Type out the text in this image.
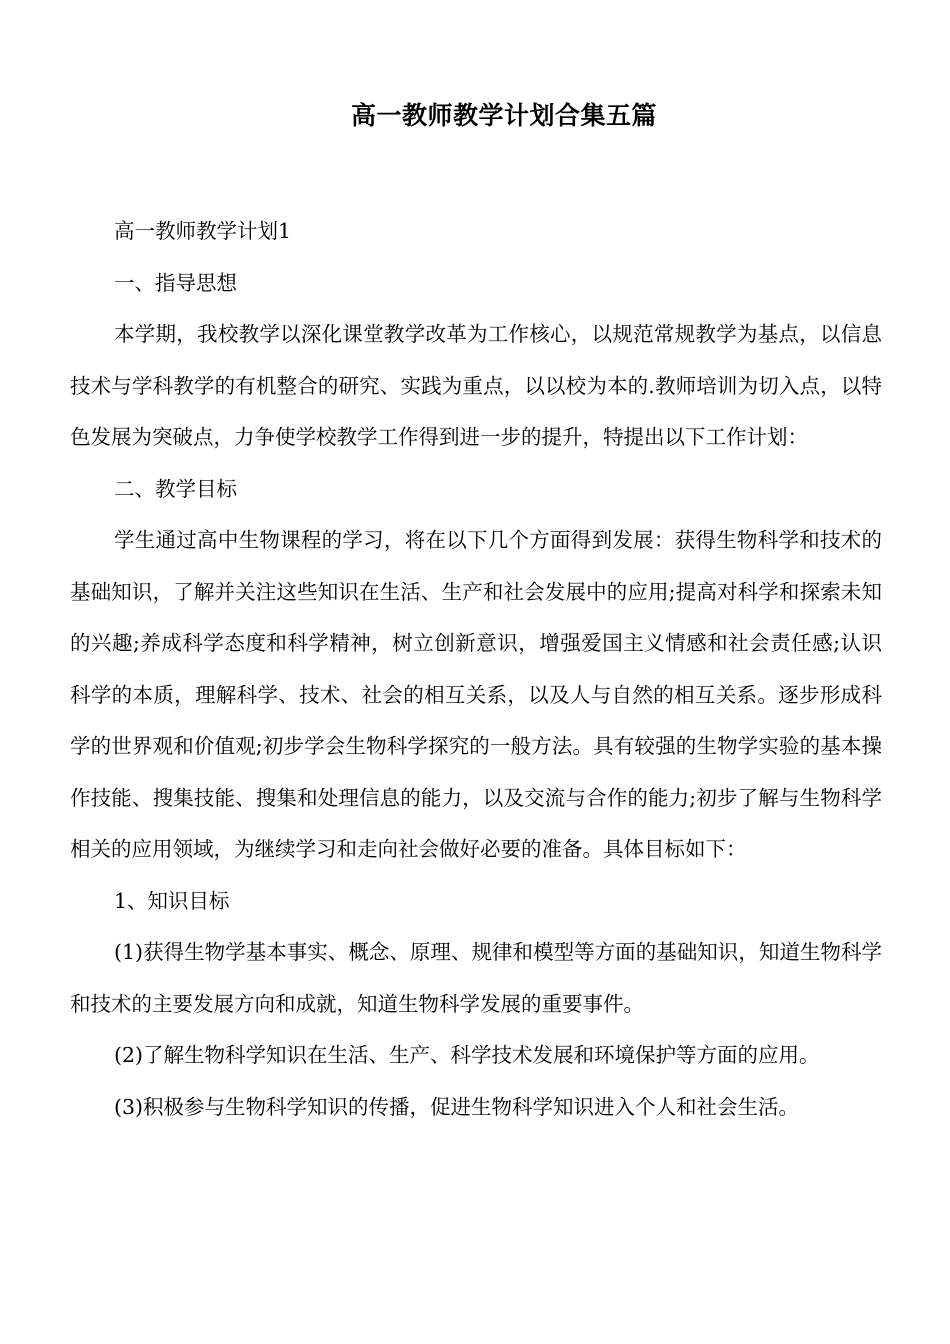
高一教师教学计划合集五篇

高一教师教学计划1

一、指导思想

本学期，我校教学以深化课堂教学改革为工作核心，以规范常规教学为基点，以信息技术与学科教学的有机整合的研究、实践为重点，以以校为本的.教师培训为切入点，以特色发展为突破点，力争使学校教学工作得到进一步的提升，特提出以下工作计划：

二、教学目标

学生通过高中生物课程的学习，将在以下几个方面得到发展：获得生物科学和技术的基础知识，了解并关注这些知识在生活、生产和社会发展中的应用;提高对科学和探索未知的兴趣;养成科学态度和科学精神，树立创新意识，增强爱国主义情感和社会责任感;认识科学的本质，理解科学、技术、社会的相互关系，以及人与自然的相互关系。逐步形成科学的世界观和价值观;初步学会生物科学探究的一般方法。具有较强的生物学实验的基本操作技能、搜集技能、搜集和处理信息的能力，以及交流与合作的能力;初步了解与生物科学相关的应用领域，为继续学习和走向社会做好必要的准备。具体目标如下：

1、知识目标

(1)获得生物学基本事实、概念、原理、规律和模型等方面的基础知识，知道生物科学和技术的主要发展方向和成就，知道生物科学发展的重要事件。

(2)了解生物科学知识在生活、生产、科学技术发展和环境保护等方面的应用。

(3)积极参与生物科学知识的传播，促进生物科学知识进入个人和社会生活。
